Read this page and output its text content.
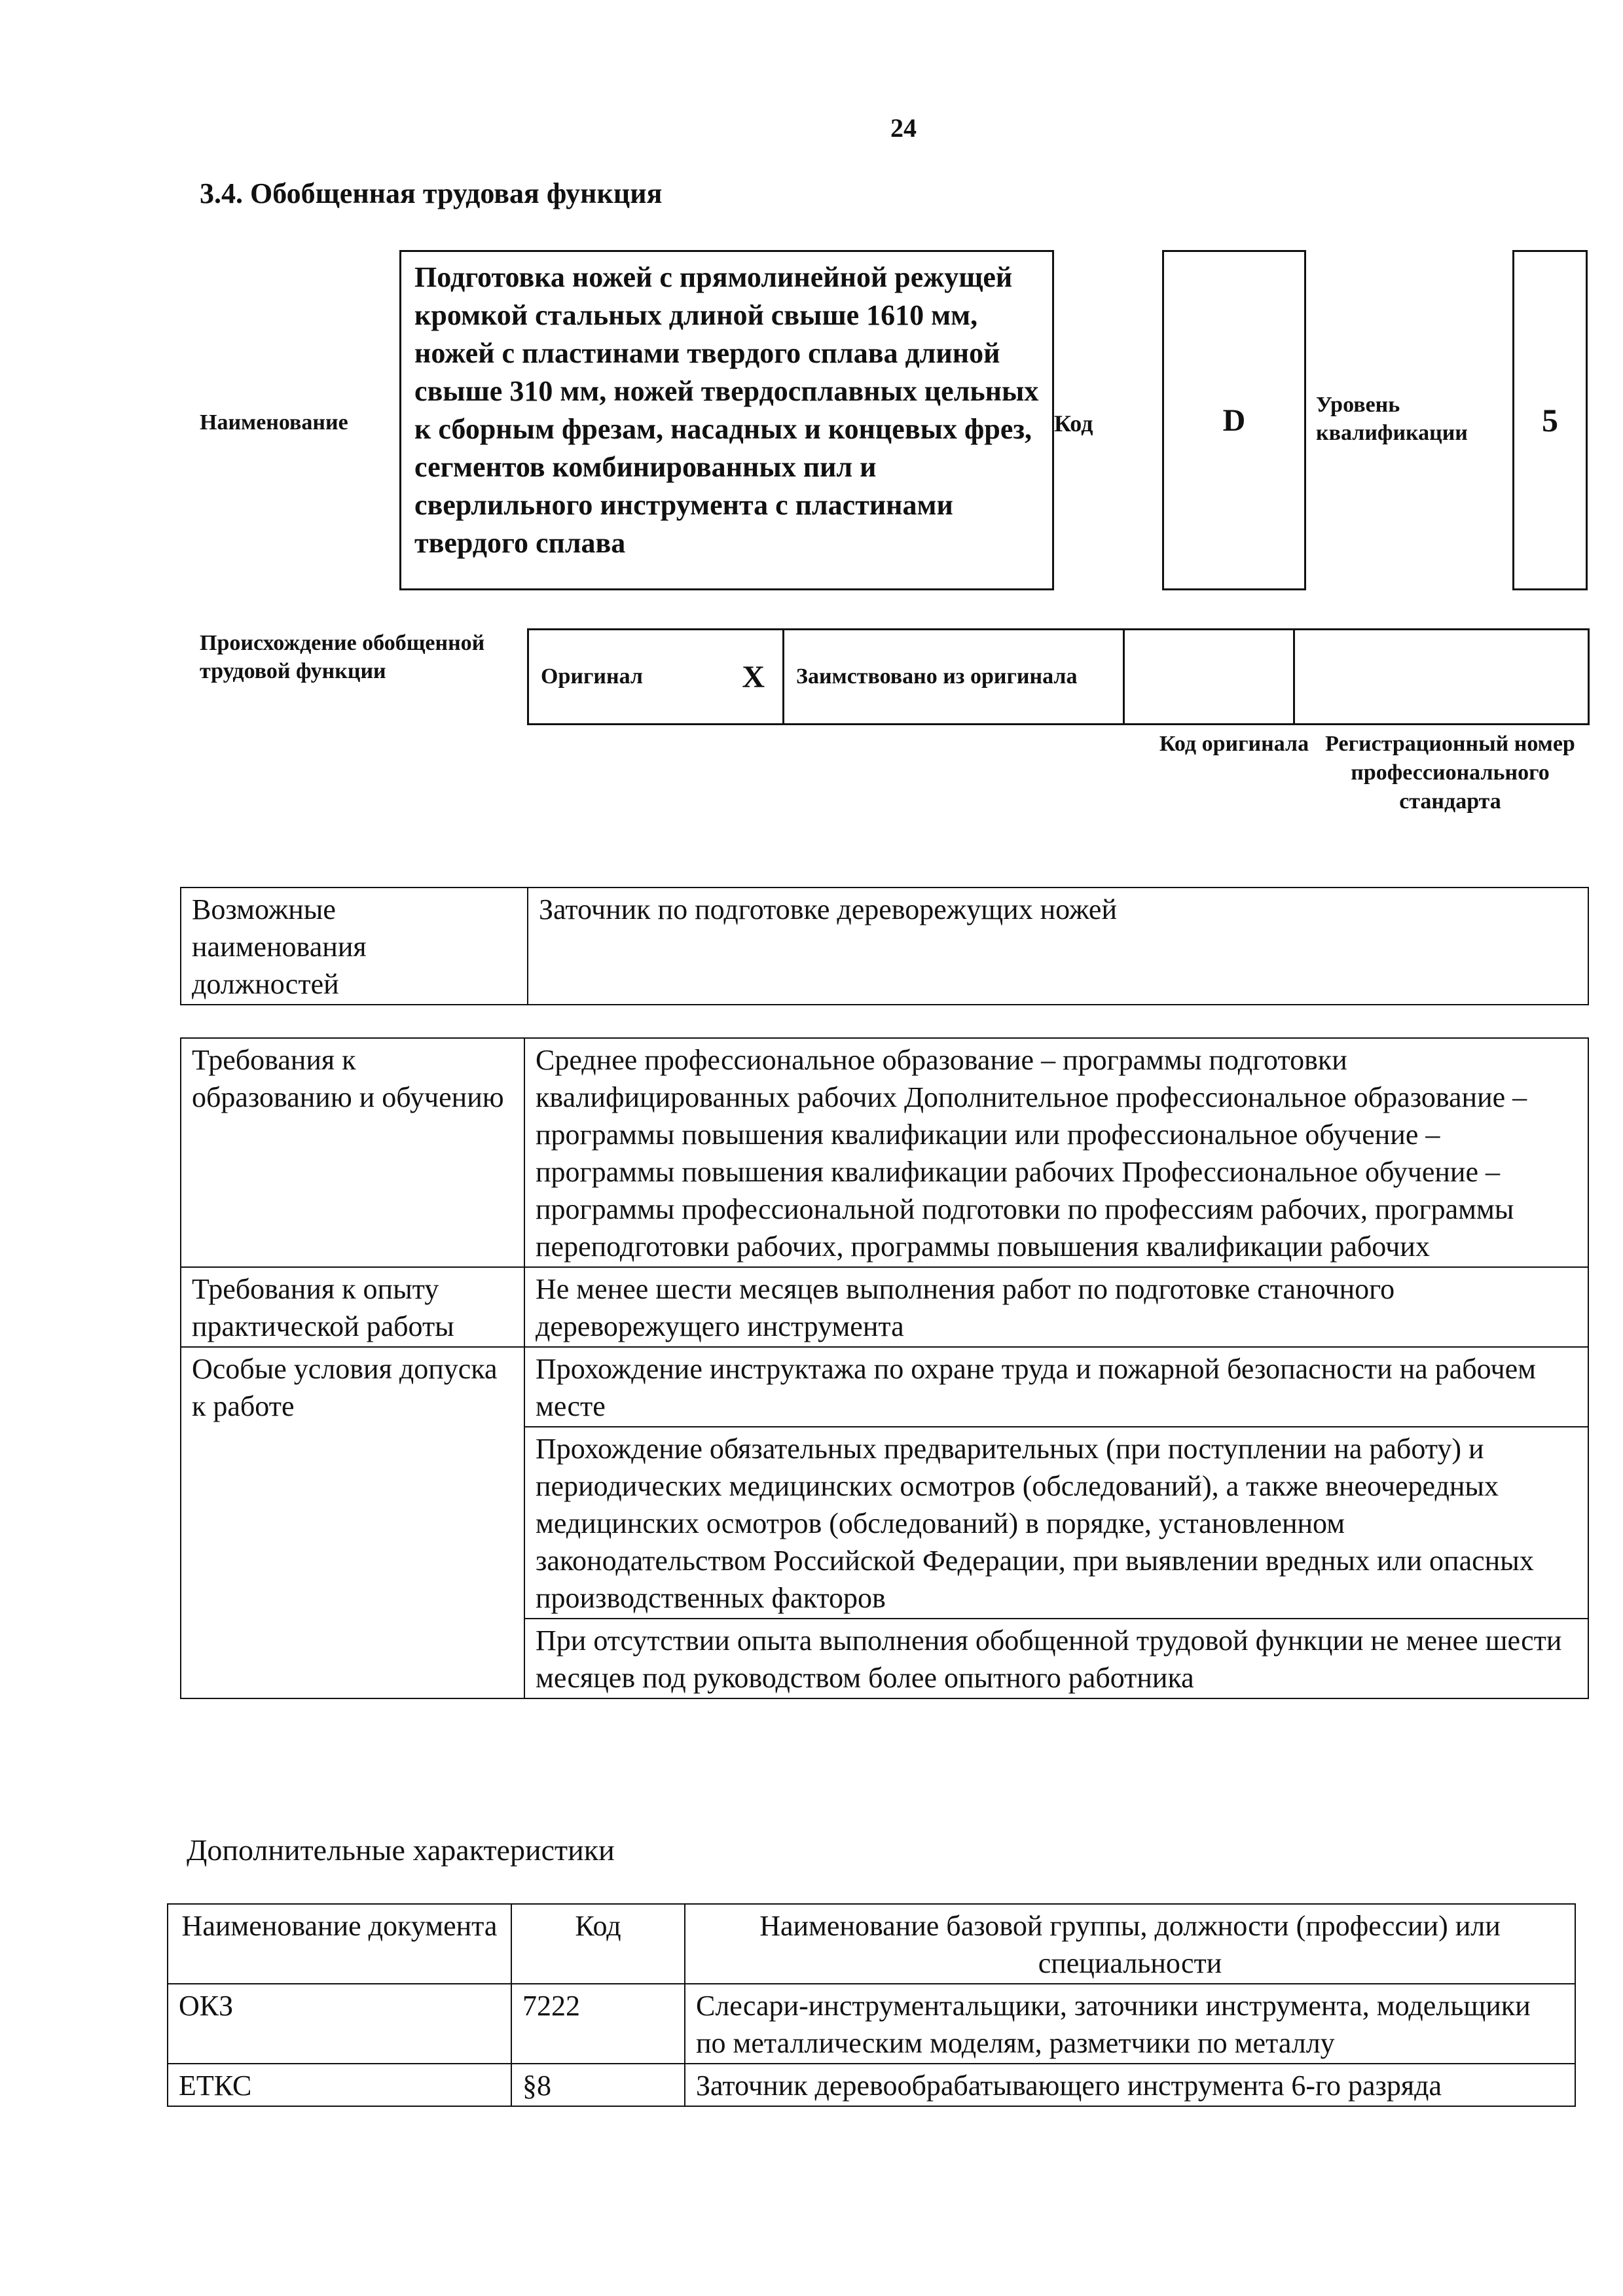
24
3.4. Обобщенная трудовая функция
Наименование
Подготовка ножей с прямолинейной режущей кромкой стальных длиной свыше 1610 мм, ножей с пластинами твердого сплава длиной свыше 310 мм, ножей твердосплавных цельных к сборным фрезам, насадных и концевых фрез, сегментов комбинированных пил и сверлильного инструмента с пластинами твердого сплава
Код	D	Уровень квалификации	5
Происхождение обобщенной трудовой функции	Оригинал	X	Заимствовано из оригинала		
Код оригинала Регистрационный номер профессионального стандарта
Возможные наименования должностей	Заточник по подготовке дереворежущих ножей
Требования к образованию и обучению	Среднее профессиональное образование – программы подготовки квалифицированных рабочих Дополнительное профессиональное образование – программы повышения квалификации или профессиональное обучение – программы повышения квалификации рабочих Профессиональное обучение – программы профессиональной подготовки по профессиям рабочих, программы переподготовки рабочих, программы повышения квалификации рабочих
Требования к опыту практической работы	Не менее шести месяцев выполнения работ по подготовке станочного дереворежущего инструмента
Особые условия допуска к работе	Прохождение инструктажа по охране труда и пожарной безопасности на рабочем месте
	Прохождение обязательных предварительных (при поступлении на работу) и периодических медицинских осмотров (обследований), а также внеочередных медицинских осмотров (обследований) в порядке, установленном законодательством Российской Федерации, при выявлении вредных или опасных производственных факторов
	При отсутствии опыта выполнения обобщенной трудовой функции не менее шести месяцев под руководством более опытного работника
Дополнительные характеристики
Наименование документа	Код	Наименование базовой группы, должности (профессии) или специальности
ОКЗ	7222	Слесари-инструментальщики, заточники инструмента, модельщики по металлическим моделям, разметчики по металлу
ЕТКС	§8	Заточник деревообрабатывающего инструмента 6-го разряда
